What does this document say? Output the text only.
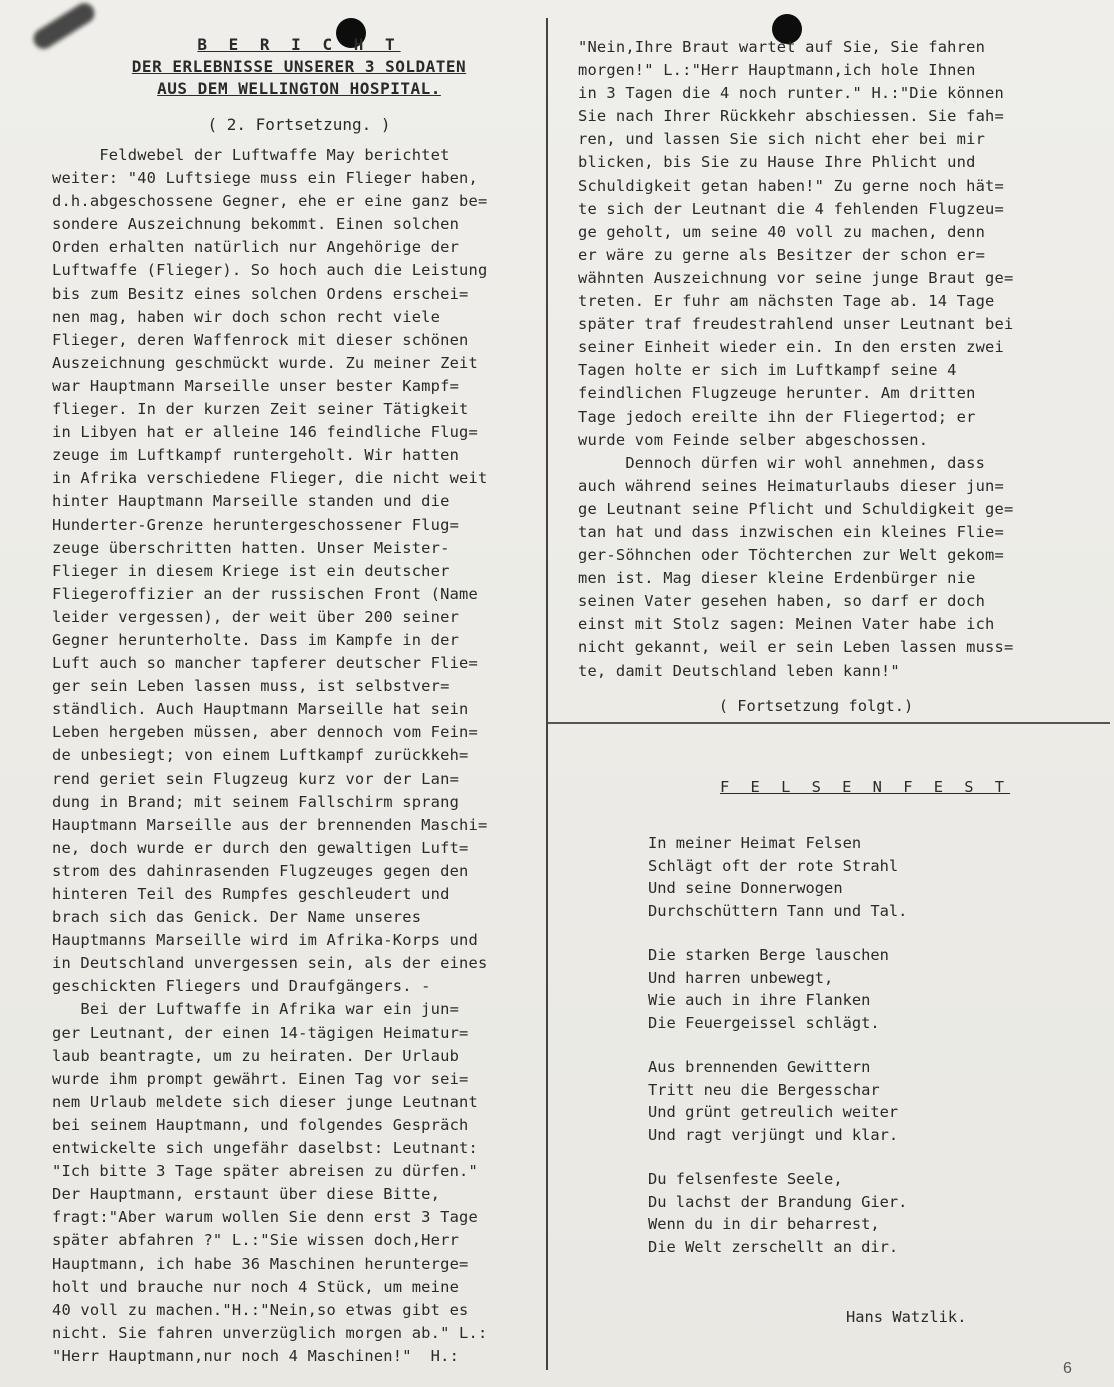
B E R I C H T

DER ERLEBNISSE UNSERER 3 SOLDATEN

AUS DEM WELLINGTON HOSPITAL.

( 2. Fortsetzung. )

Feldwebel der Luftwaffe May berichtet
weiter: "40 Luftsiege muss ein Flieger haben,
d.h.abgeschossene Gegner, ehe er eine ganz be=
sondere Auszeichnung bekommt. Einen solchen
Orden erhalten natürlich nur Angehörige der
Luftwaffe (Flieger). So hoch auch die Leistung
bis zum Besitz eines solchen Ordens erschei=
nen mag, haben wir doch schon recht viele
Flieger, deren Waffenrock mit dieser schönen
Auszeichnung geschmückt wurde. Zu meiner Zeit
war Hauptmann Marseille unser bester Kampf=
flieger. In der kurzen Zeit seiner Tätigkeit
in Libyen hat er alleine 146 feindliche Flug=
zeuge im Luftkampf runtergeholt. Wir hatten
in Afrika verschiedene Flieger, die nicht weit
hinter Hauptmann Marseille standen und die
Hunderter-Grenze heruntergeschossener Flug=
zeuge überschritten hatten. Unser Meister-
Flieger in diesem Kriege ist ein deutscher
Fliegeroffizier an der russischen Front (Name
leider vergessen), der weit über 200 seiner
Gegner herunterholte. Dass im Kampfe in der
Luft auch so mancher tapferer deutscher Flie=
ger sein Leben lassen muss, ist selbstver=
ständlich. Auch Hauptmann Marseille hat sein
Leben hergeben müssen, aber dennoch vom Fein=
de unbesiegt; von einem Luftkampf zurückkeh=
rend geriet sein Flugzeug kurz vor der Lan=
dung in Brand; mit seinem Fallschirm sprang
Hauptmann Marseille aus der brennenden Maschi=
ne, doch wurde er durch den gewaltigen Luft=
strom des dahinrasenden Flugzeuges gegen den
hinteren Teil des Rumpfes geschleudert und
brach sich das Genick. Der Name unseres
Hauptmanns Marseille wird im Afrika-Korps und
in Deutschland unvergessen sein, als der eines
geschickten Fliegers und Draufgängers. -
Bei der Luftwaffe in Afrika war ein jun=
ger Leutnant, der einen 14-tägigen Heimatur=
laub beantragte, um zu heiraten. Der Urlaub
wurde ihm prompt gewährt. Einen Tag vor sei=
nem Urlaub meldete sich dieser junge Leutnant
bei seinem Hauptmann, und folgendes Gespräch
entwickelte sich ungefähr daselbst: Leutnant:
"Ich bitte 3 Tage später abreisen zu dürfen."
Der Hauptmann, erstaunt über diese Bitte,
fragt:"Aber warum wollen Sie denn erst 3 Tage
später abfahren ?" L.:"Sie wissen doch,Herr
Hauptmann, ich habe 36 Maschinen herunterge=
holt und brauche nur noch 4 Stück, um meine
40 voll zu machen."H.:"Nein,so etwas gibt es
nicht. Sie fahren unverzüglich morgen ab." L.:
"Herr Hauptmann,nur noch 4 Maschinen!"  H.:
"Nein,Ihre Braut wartet auf Sie, Sie fahren
morgen!" L.:"Herr Hauptmann,ich hole Ihnen
in 3 Tagen die 4 noch runter." H.:"Die können
Sie nach Ihrer Rückkehr abschiessen. Sie fah=
ren, und lassen Sie sich nicht eher bei mir
blicken, bis Sie zu Hause Ihre Phlicht und
Schuldigkeit getan haben!" Zu gerne noch hät=
te sich der Leutnant die 4 fehlenden Flugzeu=
ge geholt, um seine 40 voll zu machen, denn
er wäre zu gerne als Besitzer der schon er=
wähnten Auszeichnung vor seine junge Braut ge=
treten. Er fuhr am nächsten Tage ab. 14 Tage
später traf freudestrahlend unser Leutnant bei
seiner Einheit wieder ein. In den ersten zwei
Tagen holte er sich im Luftkampf seine 4
feindlichen Flugzeuge herunter. Am dritten
Tage jedoch ereilte ihn der Fliegertod; er
wurde vom Feinde selber abgeschossen.
Dennoch dürfen wir wohl annehmen, dass
auch während seines Heimaturlaubs dieser jun=
ge Leutnant seine Pflicht und Schuldigkeit ge=
tan hat und dass inzwischen ein kleines Flie=
ger-Söhnchen oder Töchterchen zur Welt gekom=
men ist. Mag dieser kleine Erdenbürger nie
seinen Vater gesehen haben, so darf er doch
einst mit Stolz sagen: Meinen Vater habe ich
nicht gekannt, weil er sein Leben lassen muss=
te, damit Deutschland leben kann!"
( Fortsetzung folgt.)
F E L S E N F E S T
In meiner Heimat Felsen
Schlägt oft der rote Strahl
Und seine Donnerwogen
Durchschüttern Tann und Tal.
Die starken Berge lauschen
Und harren unbewegt,
Wie auch in ihre Flanken
Die Feuergeissel schlägt.
Aus brennenden Gewittern
Tritt neu die Bergesschar
Und grünt getreulich weiter
Und ragt verjüngt und klar.
Du felsenfeste Seele,
Du lachst der Brandung Gier.
Wenn du in dir beharrest,
Die Welt zerschellt an dir.
Hans Watzlik.
6
